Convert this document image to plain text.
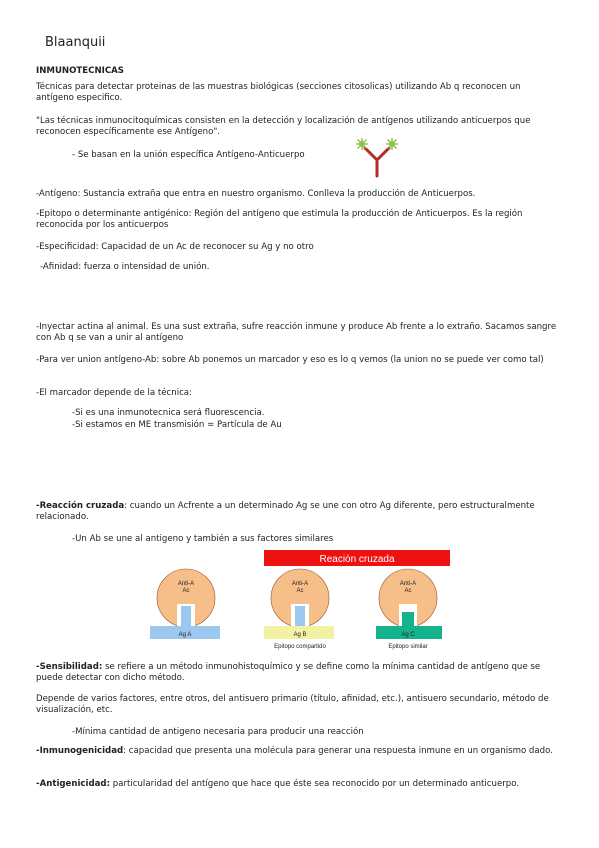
Blaanquii
INMUNOTECNICAS
Técnicas para detectar proteinas de las muestras biológicas (secciones citosolicas) utilizando Ab q reconocen un antígeno especifico.
"Las técnicas inmunocitoquímicas consisten en la detección y localización de antígenos utilizando anticuerpos que reconocen específicamente ese Antígeno".
- Se basan en la unión específica Antígeno-Anticuerpo
-Antígeno: Sustancia extraña que entra en nuestro organismo. Conlleva la producción de Anticuerpos.
-Epitopo o determinante antigénico: Región del antígeno que estimula la producción de Anticuerpos. Es la región reconocida por los anticuerpos
-Especificidad: Capacidad de un Ac de reconocer su Ag y no otro
-Afinidad: fuerza o intensidad de unión.
-Inyectar actina al animal. Es una sust extraña, sufre reacción inmune y produce Ab frente a lo extraño. Sacamos sangre con Ab q se van a unir al antígeno
-Para ver union antígeno-Ab: sobre Ab ponemos un marcador y eso es lo q vemos (la union no se puede ver como tal)
-El marcador depende de la técnica:
-Si es una inmunotecnica será fluorescencia.
-Si estamos en ME transmisión = Partícula de Au
-Reacción cruzada: cuando un Acfrente a un determinado Ag se une con otro Ag diferente, pero estructuralmente relacionado.
-Un Ab se une al antigeno y también a sus factores similares
Reación cruzada
Anti-A
Ac
Ag A
Anti-A
Ac
Ag B
Epitopo compartido
Anti-A
Ac
Ag C
Epitopo similar
-Sensibilidad: se refiere a un método inmunohistoquímico y se define como la mínima cantidad de antígeno que se puede detectar con dicho método.
Depende de varios factores, entre otros, del antisuero primario (título, afinidad, etc.), antisuero secundario, método de visualización, etc.
-Mínima cantidad de antigeno necesaria para producir una reacción
-Inmunogenicidad: capacidad que presenta una molécula para generar una respuesta inmune en un organismo dado.
-Antigenicidad: particularidad del antígeno que hace que éste sea reconocido por un determinado anticuerpo.
